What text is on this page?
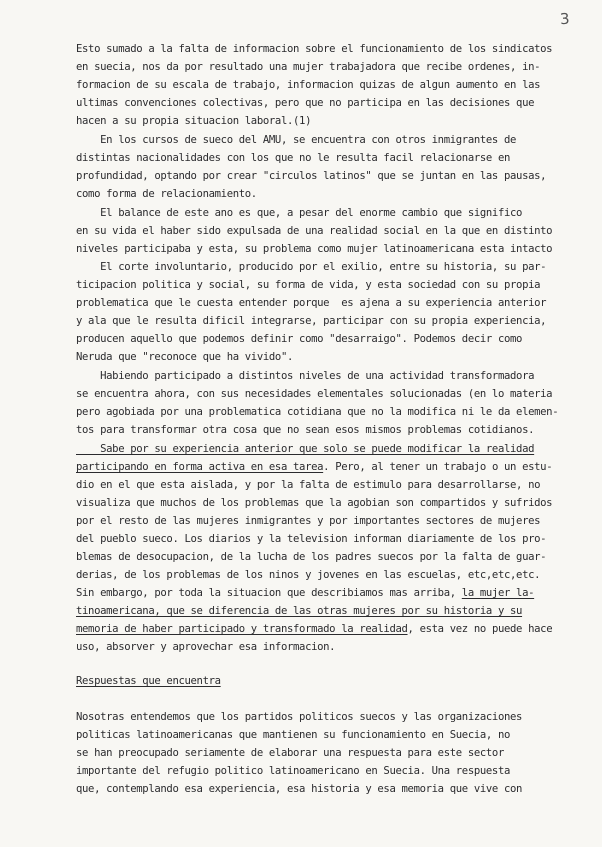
3
Esto sumado a la falta de informacion sobre el funcionamiento de los sindicatos
en suecia, nos da por resultado una mujer trabajadora que recibe ordenes, in-
formacion de su escala de trabajo, informacion quizas de algun aumento en las
ultimas convenciones colectivas, pero que no participa en las decisiones que
hacen a su propia situacion laboral.(1)
En los cursos de sueco del AMU, se encuentra con otros inmigrantes de
distintas nacionalidades con los que no le resulta facil relacionarse en
profundidad, optando por crear "circulos latinos" que se juntan en las pausas,
como forma de relacionamiento.
El balance de este ano es que, a pesar del enorme cambio que significo
en su vida el haber sido expulsada de una realidad social en la que en distinto
niveles participaba y esta, su problema como mujer latinoamericana esta intacto
El corte involuntario, producido por el exilio, entre su historia, su par-
ticipacion politica y social, su forma de vida, y esta sociedad con su propia
problematica que le cuesta entender porque  es ajena a su experiencia anterior
y ala que le resulta dificil integrarse, participar con su propia experiencia,
producen aquello que podemos definir como "desarraigo". Podemos decir como
Neruda que "reconoce que ha vivido".
Habiendo participado a distintos niveles de una actividad transformadora
se encuentra ahora, con sus necesidades elementales solucionadas (en lo materia
pero agobiada por una problematica cotidiana que no la modifica ni le da elemen-
tos para transformar otra cosa que no sean esos mismos problemas cotidianos.
Sabe por su experiencia anterior que solo se puede modificar la realidad
participando en forma activa en esa tarea. Pero, al tener un trabajo o un estu-
dio en el que esta aislada, y por la falta de estimulo para desarrollarse, no
visualiza que muchos de los problemas que la agobian son compartidos y sufridos
por el resto de las mujeres inmigrantes y por importantes sectores de mujeres
del pueblo sueco. Los diarios y la television informan diariamente de los pro-
blemas de desocupacion, de la lucha de los padres suecos por la falta de guar-
derias, de los problemas de los ninos y jovenes en las escuelas, etc,etc,etc.
Sin embargo, por toda la situacion que describiamos mas arriba, la mujer la-
tinoamericana, que se diferencia de las otras mujeres por su historia y su
memoria de haber participado y transformado la realidad, esta vez no puede hace
uso, absorver y aprovechar esa informacion.
Respuestas que encuentra
Nosotras entendemos que los partidos politicos suecos y las organizaciones
politicas latinoamericanas que mantienen su funcionamiento en Suecia, no
se han preocupado seriamente de elaborar una respuesta para este sector
importante del refugio politico latinoamericano en Suecia. Una respuesta
que, contemplando esa experiencia, esa historia y esa memoria que vive con
